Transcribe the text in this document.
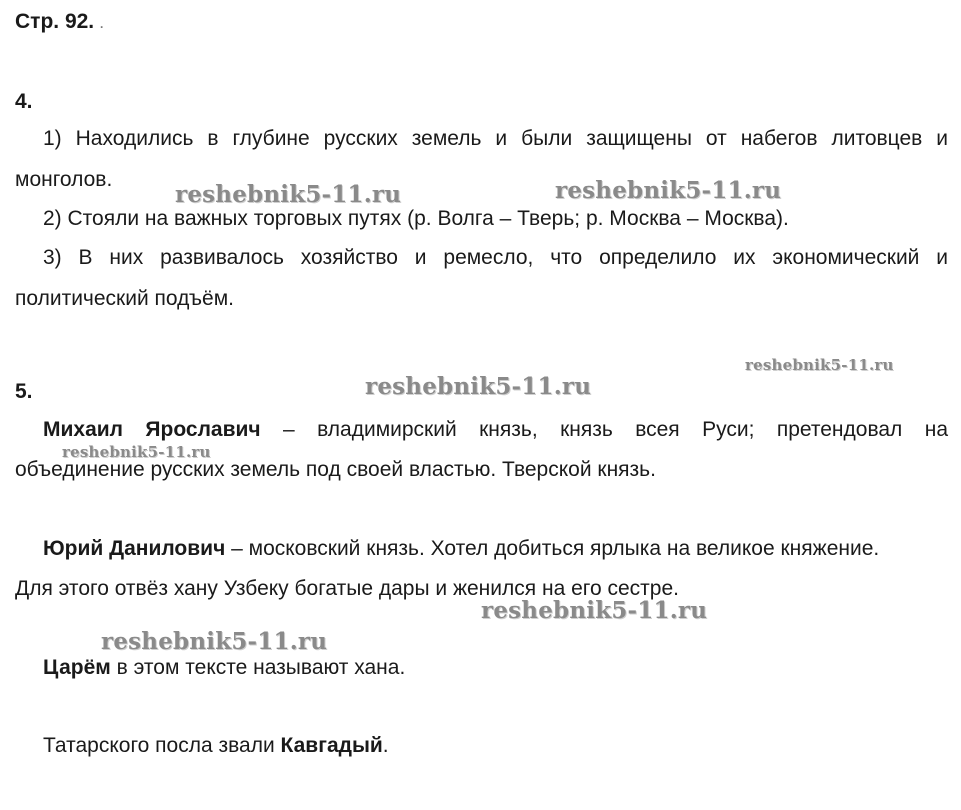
Стр. 92. .
4.
1) Находились в глубине русских земель и были защищены от набегов литовцев и
монголов.
2) Стояли на важных торговых путях (р. Волга – Тверь; р. Москва – Москва).
3) В них развивалось хозяйство и ремесло, что определило их экономический и
политический подъём.
5.
Михаил Ярославич – владимирский князь, князь всея Руси; претендовал на
объединение русских земель под своей властью. Тверской князь.
Юрий Данилович – московский князь. Хотел добиться ярлыка на великое княжение.
Для этого отвёз хану Узбеку богатые дары и женился на его сестре.
Царём в этом тексте называют хана.
Татарского посла звали Кавгадый.
reshebnik5-11.ru	reshebnik5-11.ru
reshebnik5-11.ru
reshebnik5-11.ru
reshebnik5-11.ru
reshebnik5-11.ru
reshebnik5-11.ru
